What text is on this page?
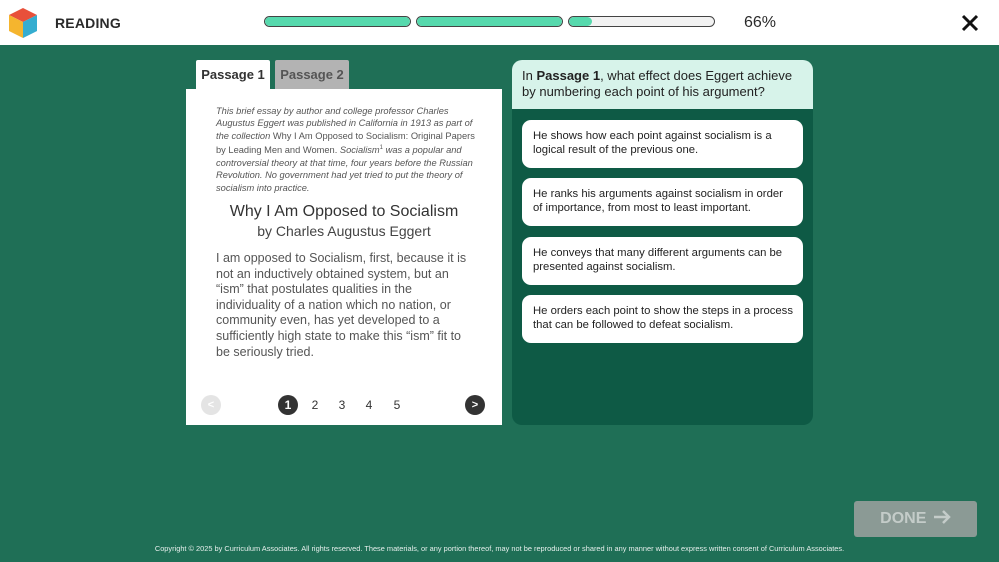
READING	66%
Passage 1	Passage 2
This brief essay by author and college professor Charles Augustus Eggert was published in California in 1913 as part of the collection Why I Am Opposed to Socialism: Original Papers by Leading Men and Women. Socialism$^1$ was a popular and controversial theory at that time, four years before the Russian Revolution. No government had yet tried to put the theory of socialism into practice.
Why I Am Opposed to Socialism
by Charles Augustus Eggert
I am opposed to Socialism, first, because it is not an inductively obtained system, but an “ism” that postulates qualities in the individuality of a nation which no nation, or community even, has yet developed to a sufficiently high state to make this “ism” fit to be seriously tried.
<	1	2	3	4	5	>
In Passage 1, what effect does Eggert achieve by numbering each point of his argument?
He shows how each point against socialism is a logical result of the previous one.
He ranks his arguments against socialism in order of importance, from most to least important.
He conveys that many different arguments can be presented against socialism.
He orders each point to show the steps in a process that can be followed to defeat socialism.
DONE
Copyright © 2025 by Curriculum Associates. All rights reserved. These materials, or any portion thereof, may not be reproduced or shared in any manner without express written consent of Curriculum Associates.
